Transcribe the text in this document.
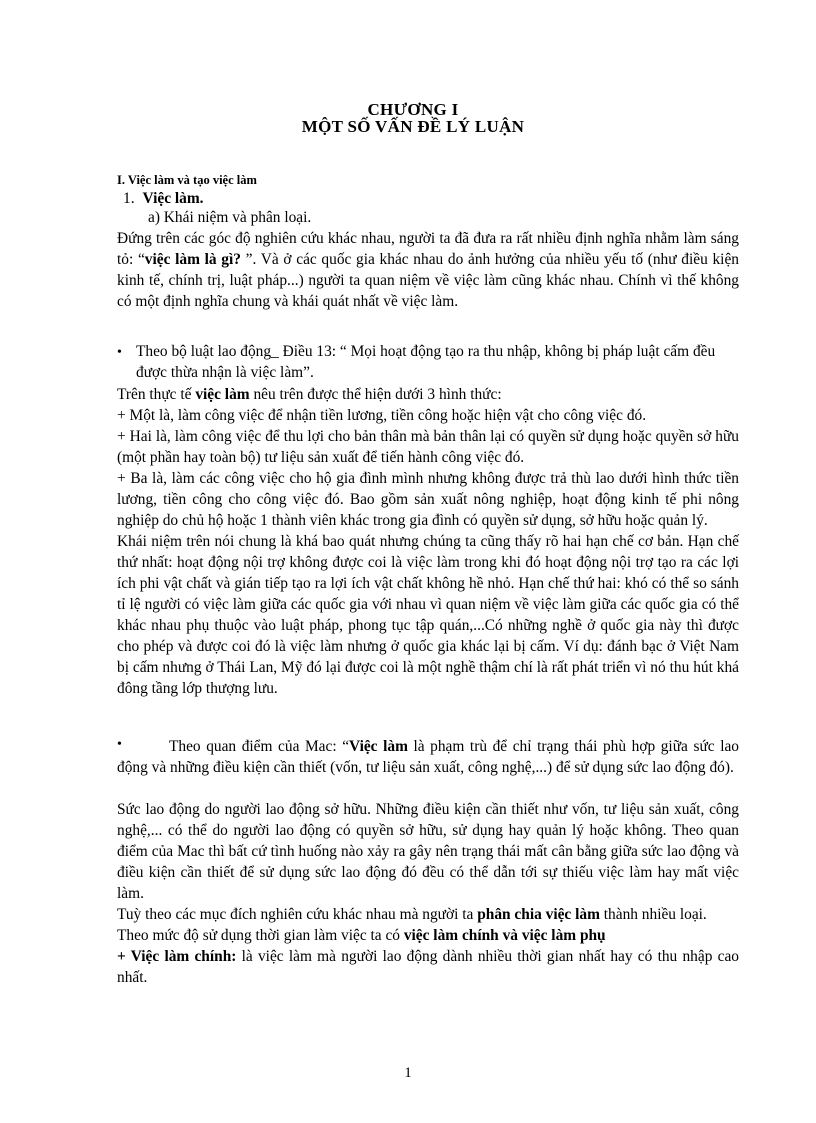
CHƯƠNG I
MỘT SỐ VẤN ĐỀ LÝ LUẬN
I. Việc làm và tạo việc làm
1. Việc làm.
a) Khái niệm và phân loại.
Đứng trên các góc độ nghiên cứu khác nhau, người ta đã đưa ra rất nhiều định nghĩa nhằm làm sáng tỏ: “việc làm là gì? ”. Và ở các quốc gia khác nhau do ảnh hưởng của nhiều yếu tố (như điều kiện kinh tế, chính trị, luật pháp...) người ta quan niệm về việc làm cũng khác nhau. Chính vì thế không có một định nghĩa chung và khái quát nhất về việc làm.
• Theo bộ luật lao động_ Điều 13: “ Mọi hoạt động tạo ra thu nhập, không bị pháp luật cấm đều được thừa nhận là việc làm”.

Trên thực tế việc làm nêu trên được thể hiện dưới 3 hình thức:

+ Một là, làm công việc để nhận tiền lương, tiền công hoặc hiện vật cho công việc đó.

+ Hai là, làm công việc để thu lợi cho bản thân mà bản thân lại có quyền sử dụng hoặc quyền sở hữu (một phần hay toàn bộ) tư liệu sản xuất để tiến hành công việc đó.

+ Ba là, làm các công việc cho hộ gia đình mình nhưng không được trả thù lao dưới hình thức tiền lương, tiền công cho công việc đó. Bao gồm sản xuất nông nghiệp, hoạt động kinh tế phi nông nghiệp do chủ hộ hoặc 1 thành viên khác trong gia đình có quyền sử dụng, sở hữu hoặc quản lý.

Khái niệm trên nói chung là khá bao quát nhưng chúng ta cũng thấy rõ hai hạn chế cơ bản. Hạn chế thứ nhất: hoạt động nội trợ không được coi là việc làm trong khi đó hoạt động nội trợ tạo ra các lợi ích phi vật chất và gián tiếp tạo ra lợi ích vật chất không hề nhỏ. Hạn chế thứ hai: khó có thể so sánh tỉ lệ người có việc làm giữa các quốc gia với nhau vì quan niệm về việc làm giữa các quốc gia có thể khác nhau phụ thuộc vào luật pháp, phong tục tập quán,...Có những nghề ở quốc gia này thì được cho phép và được coi đó là việc làm nhưng ở quốc gia khác lại bị cấm. Ví dụ: đánh bạc ở Việt Nam bị cấm nhưng ở Thái Lan, Mỹ đó lại được coi là một nghề thậm chí là rất phát triển vì nó thu hút khá đông tầng lớp thượng lưu.

•	Theo quan điểm của Mac: “Việc làm là phạm trù để chỉ trạng thái phù hợp giữa sức lao động và những điều kiện cần thiết (vốn, tư liệu sản xuất, công nghệ,...) để sử dụng sức lao động đó).

Sức lao động do người lao động sở hữu. Những điều kiện cần thiết như vốn, tư liệu sản xuất, công nghệ,... có thể do người lao động có quyền sở hữu, sử dụng hay quản lý hoặc không. Theo quan điểm của Mac thì bất cứ tình huống nào xảy ra gây nên trạng thái mất cân bằng giữa sức lao động và điều kiện cần thiết để sử dụng sức lao động đó đều có thể dẫn tới sự thiếu việc làm hay mất việc làm.

Tuỳ theo các mục đích nghiên cứu khác nhau mà người ta phân chia việc làm thành nhiều loại.

Theo mức độ sử dụng thời gian làm việc ta có việc làm chính và việc làm phụ

+ Việc làm chính: là việc làm mà người lao động dành nhiều thời gian nhất hay có thu nhập cao nhất.

1
